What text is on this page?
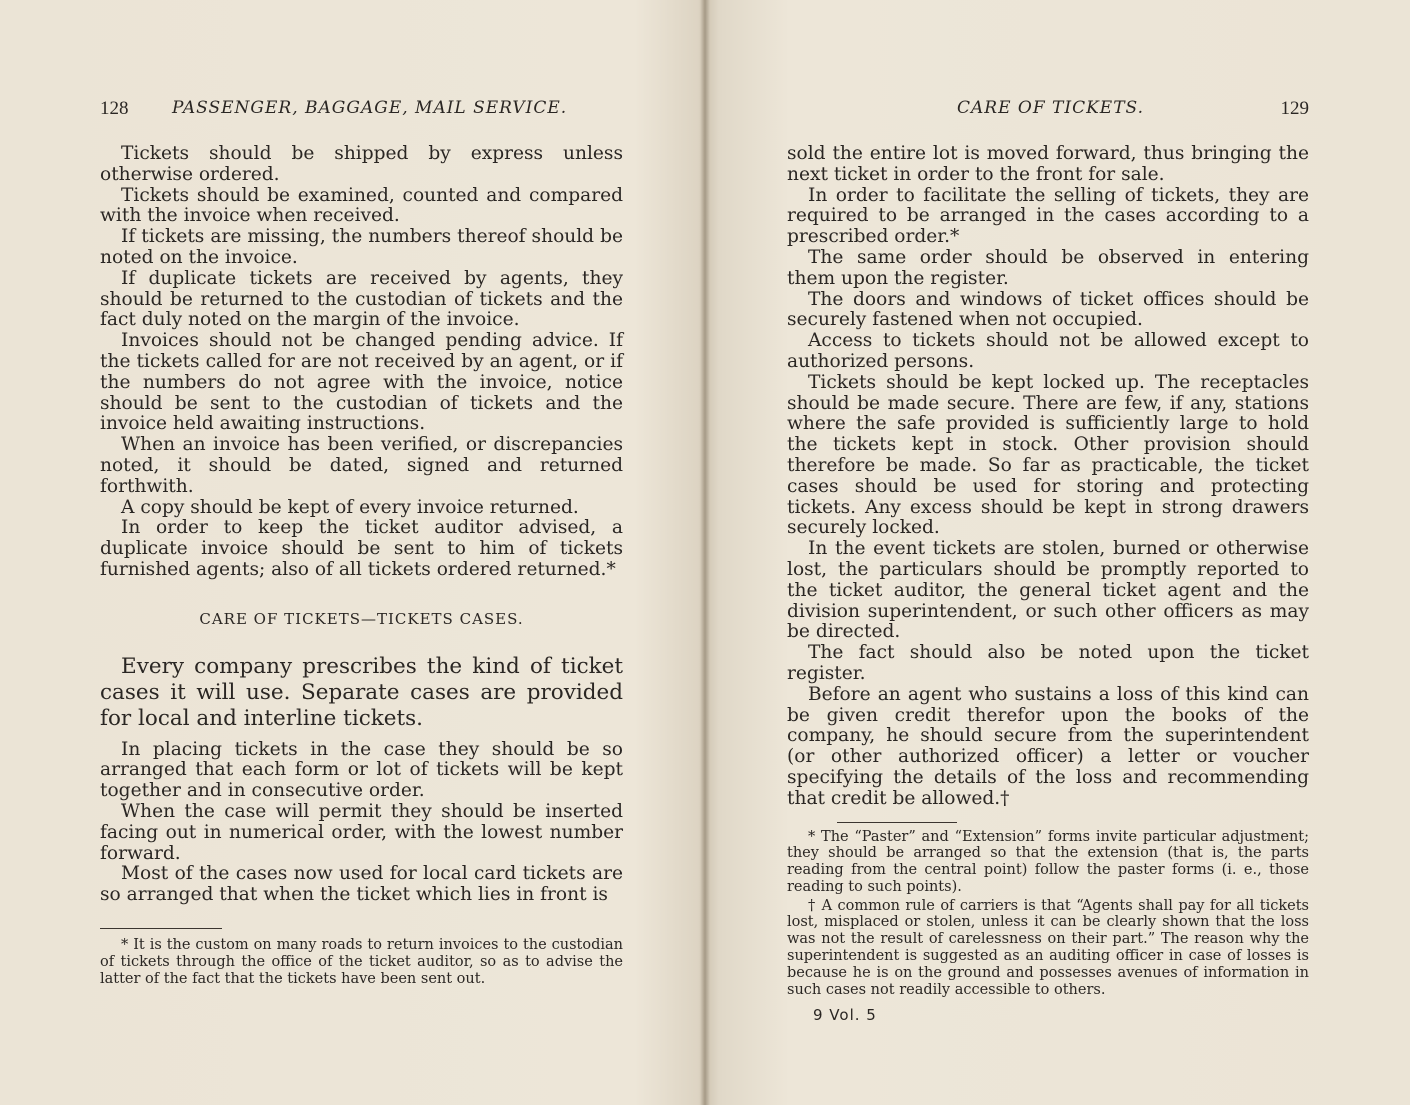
128	PASSENGER, BAGGAGE, MAIL SERVICE.

Tickets should be shipped by express unless otherwise ordered.

Tickets should be examined, counted and compared with the invoice when received.

If tickets are missing, the numbers thereof should be noted on the invoice.

If duplicate tickets are received by agents, they should be returned to the custodian of tickets and the fact duly noted on the margin of the invoice.

Invoices should not be changed pending advice. If the tickets called for are not received by an agent, or if the numbers do not agree with the invoice, notice should be sent to the custodian of tickets and the invoice held awaiting instructions.

When an invoice has been verified, or discrepancies noted, it should be dated, signed and returned forthwith.

A copy should be kept of every invoice returned.

In order to keep the ticket auditor advised, a duplicate invoice should be sent to him of tickets furnished agents; also of all tickets ordered returned.*

CARE OF TICKETS—TICKETS CASES.

Every company prescribes the kind of ticket cases it will use. Separate cases are provided for local and interline tickets.

In placing tickets in the case they should be so arranged that each form or lot of tickets will be kept together and in consecutive order.

When the case will permit they should be inserted facing out in numerical order, with the lowest number forward.

Most of the cases now used for local card tickets are so arranged that when the ticket which lies in front is

* It is the custom on many roads to return invoices to the custodian of tickets through the office of the ticket auditor, so as to advise the latter of the fact that the tickets have been sent out.

CARE OF TICKETS.	129

sold the entire lot is moved forward, thus bringing the next ticket in order to the front for sale.

In order to facilitate the selling of tickets, they are required to be arranged in the cases according to a prescribed order.*

The same order should be observed in entering them upon the register.

The doors and windows of ticket offices should be securely fastened when not occupied.

Access to tickets should not be allowed except to authorized persons.

Tickets should be kept locked up. The receptacles should be made secure. There are few, if any, stations where the safe provided is sufficiently large to hold the tickets kept in stock. Other provision should therefore be made. So far as practicable, the ticket cases should be used for storing and protecting tickets. Any excess should be kept in strong drawers securely locked.

In the event tickets are stolen, burned or otherwise lost, the particulars should be promptly reported to the ticket auditor, the general ticket agent and the division superintendent, or such other officers as may be directed.

The fact should also be noted upon the ticket register.

Before an agent who sustains a loss of this kind can be given credit therefor upon the books of the company, he should secure from the superintendent (or other authorized officer) a letter or voucher specifying the details of the loss and recommending that credit be allowed.†

* The “Paster” and “Extension” forms invite particular adjustment; they should be arranged so that the extension (that is, the parts reading from the central point) follow the paster forms (i. e., those reading to such points).

† A common rule of carriers is that “Agents shall pay for all tickets lost, misplaced or stolen, unless it can be clearly shown that the loss was not the result of carelessness on their part.” The reason why the superintendent is suggested as an auditing officer in case of losses is because he is on the ground and possesses avenues of information in such cases not readily accessible to others.

9 Vol. 5
